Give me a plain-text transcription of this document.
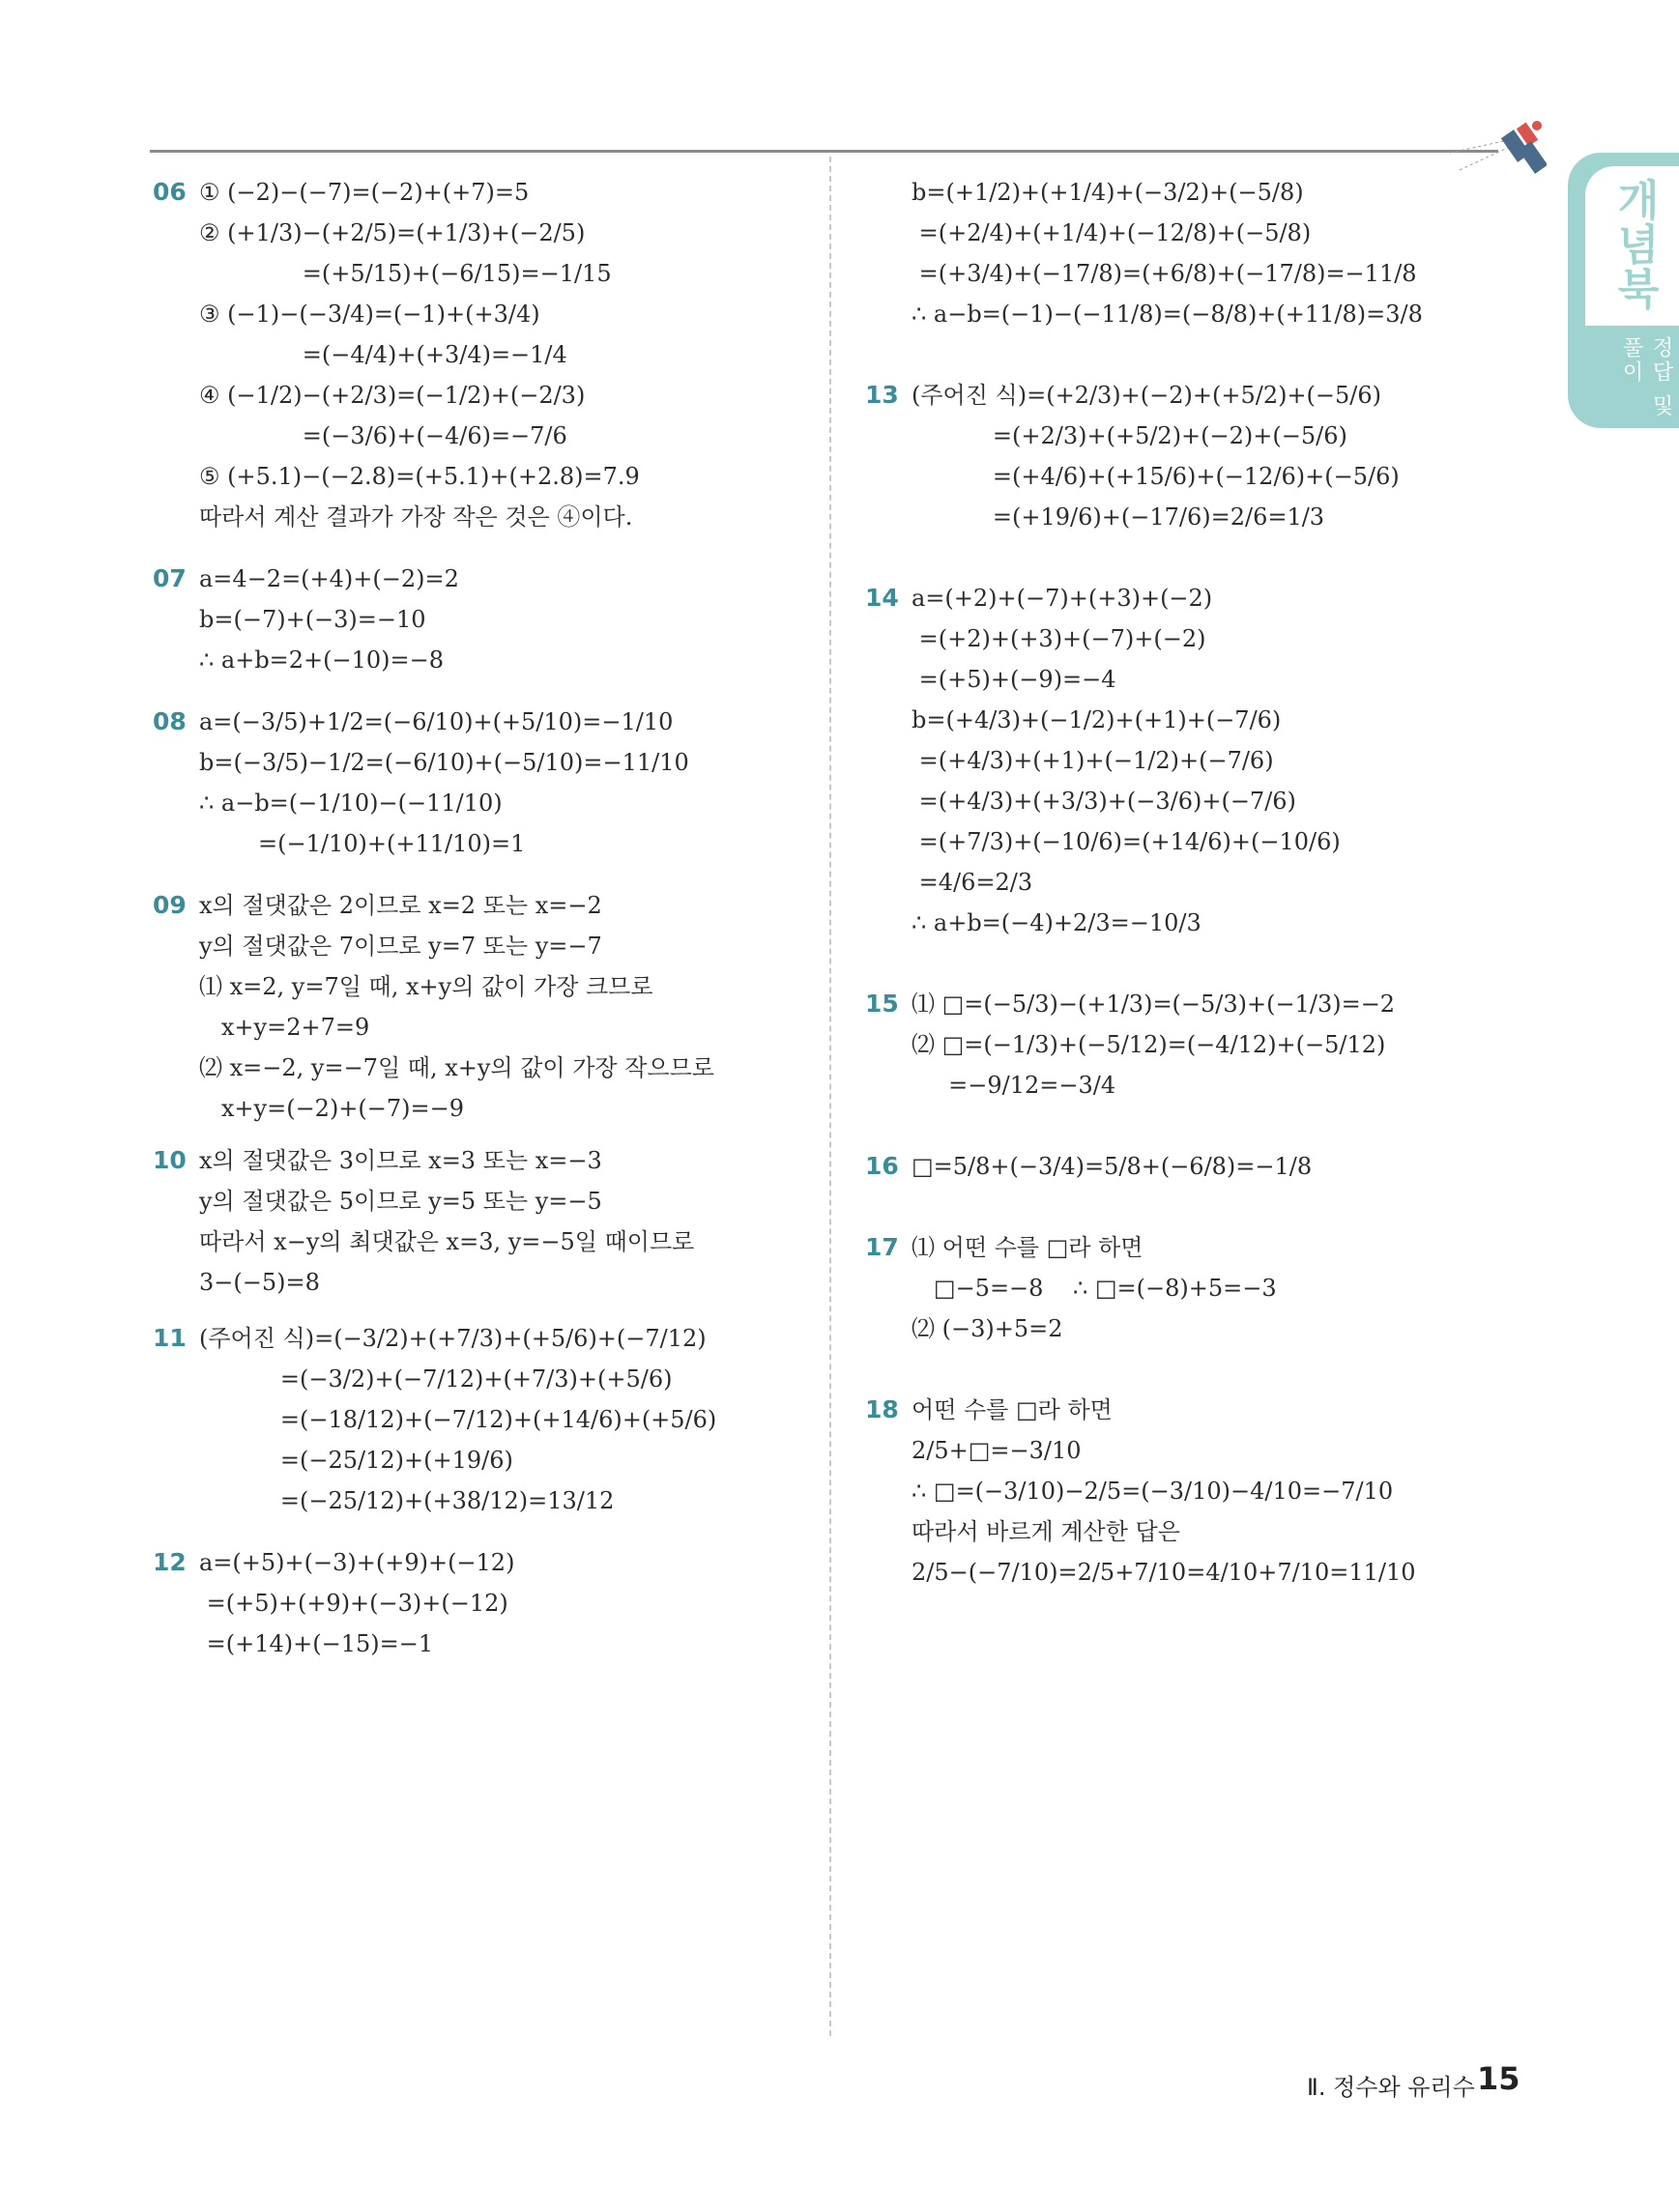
개념북
정답 및 풀이
06 ① (−2)−(−7)=(−2)+(+7)=5
② (+1/3)−(+2/5)=(+1/3)+(−2/5)
=(+5/15)+(−6/15)=−1/15
③ (−1)−(−3/4)=(−1)+(+3/4)
=(−4/4)+(+3/4)=−1/4
④ (−1/2)−(+2/3)=(−1/2)+(−2/3)
=(−3/6)+(−4/6)=−7/6
⑤ (+5.1)−(−2.8)=(+5.1)+(+2.8)=7.9
따라서 계산 결과가 가장 작은 것은 ④이다.
07 a=4−2=(+4)+(−2)=2
b=(−7)+(−3)=−10
∴ a+b=2+(−10)=−8
08 a=(−3/5)+1/2=(−6/10)+(+5/10)=−1/10
b=(−3/5)−1/2=(−6/10)+(−5/10)=−11/10
∴ a−b=(−1/10)−(−11/10)
=(−1/10)+(+11/10)=1
09 x의 절댓값은 2이므로 x=2 또는 x=−2
y의 절댓값은 7이므로 y=7 또는 y=−7
⑴ x=2, y=7일 때, x+y의 값이 가장 크므로
x+y=2+7=9
⑵ x=−2, y=−7일 때, x+y의 값이 가장 작으므로
x+y=(−2)+(−7)=−9
10 x의 절댓값은 3이므로 x=3 또는 x=−3
y의 절댓값은 5이므로 y=5 또는 y=−5
따라서 x−y의 최댓값은 x=3, y=−5일 때이므로
3−(−5)=8
11 (주어진 식)=(−3/2)+(+7/3)+(+5/6)+(−7/12)
=(−3/2)+(−7/12)+(+7/3)+(+5/6)
=(−18/12)+(−7/12)+(+14/6)+(+5/6)
=(−25/12)+(+19/6)
=(−25/12)+(+38/12)=13/12
12 a=(+5)+(−3)+(+9)+(−12)
=(+5)+(+9)+(−3)+(−12)
=(+14)+(−15)=−1
b=(+1/2)+(+1/4)+(−3/2)+(−5/8)
=(+2/4)+(+1/4)+(−12/8)+(−5/8)
=(+3/4)+(−17/8)=(+6/8)+(−17/8)=−11/8
∴ a−b=(−1)−(−11/8)=(−8/8)+(+11/8)=3/8
13 (주어진 식)=(+2/3)+(−2)+(+5/2)+(−5/6)
=(+2/3)+(+5/2)+(−2)+(−5/6)
=(+4/6)+(+15/6)+(−12/6)+(−5/6)
=(+19/6)+(−17/6)=2/6=1/3
14 a=(+2)+(−7)+(+3)+(−2)
=(+2)+(+3)+(−7)+(−2)
=(+5)+(−9)=−4
b=(+4/3)+(−1/2)+(+1)+(−7/6)
=(+4/3)+(+1)+(−1/2)+(−7/6)
=(+4/3)+(+3/3)+(−3/6)+(−7/6)
=(+7/3)+(−10/6)=(+14/6)+(−10/6)
=4/6=2/3
∴ a+b=(−4)+2/3=−10/3
15 ⑴ □=(−5/3)−(+1/3)=(−5/3)+(−1/3)=−2
⑵ □=(−1/3)+(−5/12)=(−4/12)+(−5/12)
=−9/12=−3/4
16 □=5/8+(−3/4)=5/8+(−6/8)=−1/8
17 ⑴ 어떤 수를 □라 하면
□−5=−8    ∴ □=(−8)+5=−3
⑵ (−3)+5=2
18 어떤 수를 □라 하면
2/5+□=−3/10
∴ □=(−3/10)−2/5=(−3/10)−4/10=−7/10
따라서 바르게 계산한 답은
2/5−(−7/10)=2/5+7/10=4/10+7/10=11/10
Ⅱ. 정수와 유리수 15
